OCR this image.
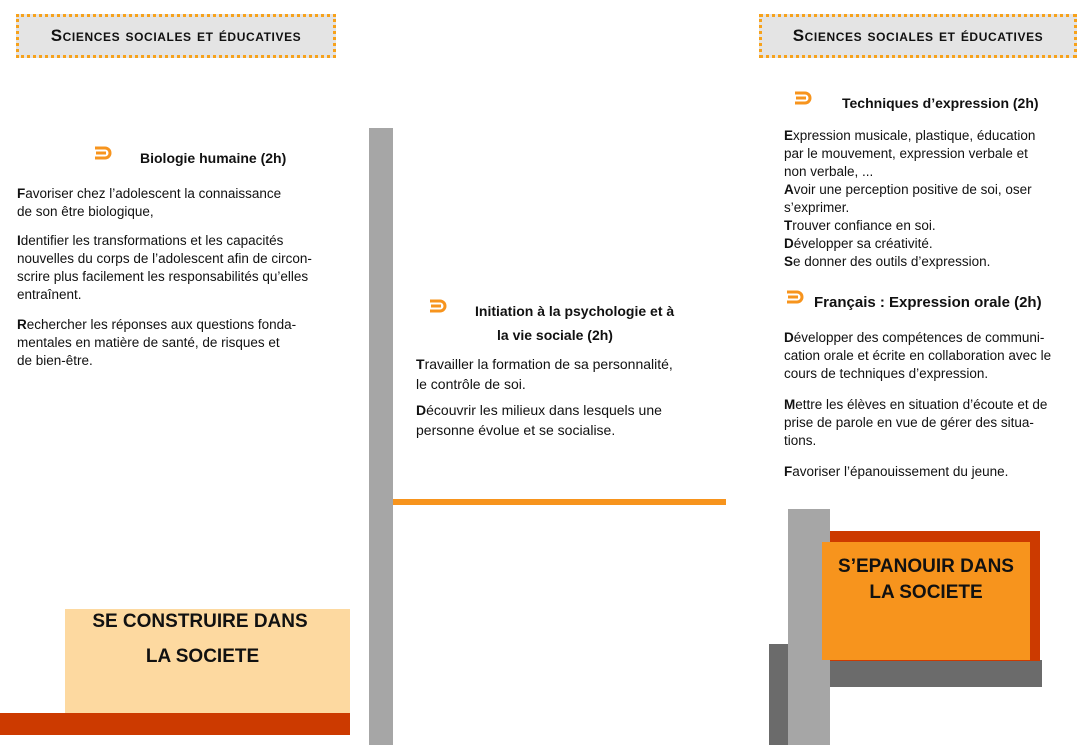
Sciences sociales et éducatives	Sciences sociales et éducatives
Biologie humaine (2h)
Favoriser chez l’adolescent la connaissance
de son être biologique,
Identifier les transformations et les capacités
nouvelles du corps de l’adolescent afin de circon-
scrire plus facilement les responsabilités qu’elles
entraînent.
Rechercher les réponses aux questions fonda-
mentales en matière de santé, de risques et
de bien-être.
SE CONSTRUIRE DANS
LA SOCIETE
Initiation à la psychologie et à
la vie sociale (2h)
Travailler la formation de sa personnalité,
le contrôle de soi.
Découvrir les milieux dans lesquels une
personne évolue et se socialise.
Techniques d’expression (2h)
Expression musicale, plastique, éducation
par le mouvement, expression verbale et
non verbale, ...
Avoir une perception positive de soi, oser
s’exprimer.
Trouver confiance en soi.
Développer sa créativité.
Se donner des outils d’expression.
Français : Expression orale (2h)
Développer des compétences de communi-
cation orale et écrite en collaboration avec le
cours de techniques d’expression.
Mettre les élèves en situation d’écoute et de
prise de parole en vue de gérer des situa-
tions.
Favoriser l’épanouissement du jeune.
S’EPANOUIR DANS
LA SOCIETE
